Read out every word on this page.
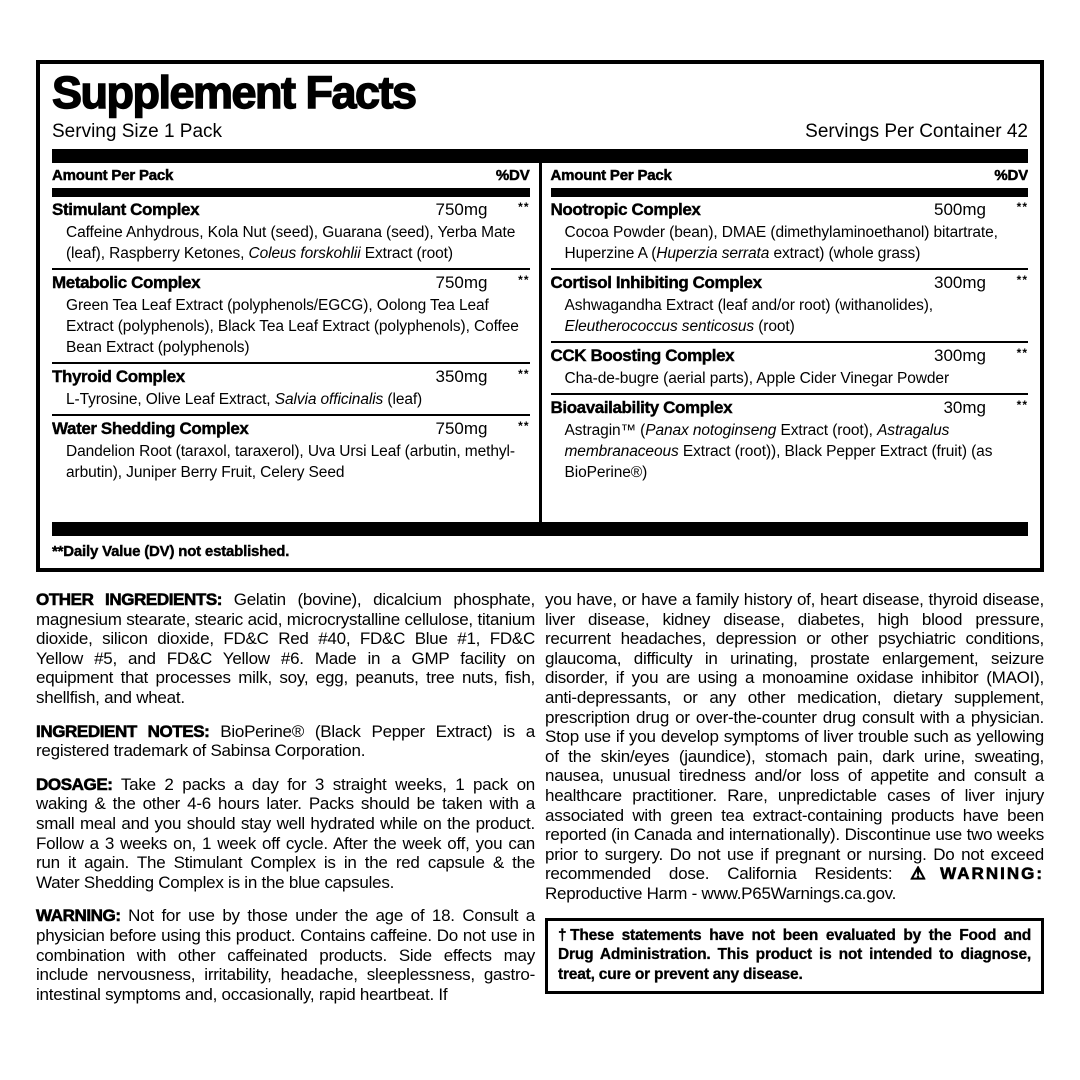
Supplement Facts
Serving Size 1 Pack	Servings Per Container 42
Amount Per Pack	%DV
Stimulant Complex	750mg	**
Caffeine Anhydrous, Kola Nut (seed), Guarana (seed), Yerba Mate (leaf), Raspberry Ketones, Coleus forskohlii Extract (root)
Metabolic Complex	750mg	**
Green Tea Leaf Extract (polyphenols/EGCG), Oolong Tea Leaf Extract (polyphenols), Black Tea Leaf Extract (polyphenols), Coffee Bean Extract (polyphenols)
Thyroid Complex	350mg	**
L-Tyrosine, Olive Leaf Extract, Salvia officinalis (leaf)
Water Shedding Complex	750mg	**
Dandelion Root (taraxol, taraxerol), Uva Ursi Leaf (arbutin, methyl-arbutin), Juniper Berry Fruit, Celery Seed
Amount Per Pack	%DV
Nootropic Complex	500mg	**
Cocoa Powder (bean), DMAE (dimethylaminoethanol) bitartrate, Huperzine A (Huperzia serrata extract) (whole grass)
Cortisol Inhibiting Complex	300mg	**
Ashwagandha Extract (leaf and/or root) (withanolides), Eleutherococcus senticosus (root)
CCK Boosting Complex	300mg	**
Cha-de-bugre (aerial parts), Apple Cider Vinegar Powder
Bioavailability Complex	30mg	**
Astragin™ (Panax notoginseng Extract (root), Astragalus membranaceous Extract (root)), Black Pepper Extract (fruit) (as BioPerine®)
**Daily Value (DV) not established.

OTHER INGREDIENTS: Gelatin (bovine), dicalcium phosphate, magnesium stearate, stearic acid, microcrystalline cellulose, titanium dioxide, silicon dioxide, FD&C Red #40, FD&C Blue #1, FD&C Yellow #5, and FD&C Yellow #6. Made in a GMP facility on equipment that processes milk, soy, egg, peanuts, tree nuts, fish, shellfish, and wheat.

INGREDIENT NOTES: BioPerine® (Black Pepper Extract) is a registered trademark of Sabinsa Corporation.

DOSAGE: Take 2 packs a day for 3 straight weeks, 1 pack on waking & the other 4-6 hours later. Packs should be taken with a small meal and you should stay well hydrated while on the product. Follow a 3 weeks on, 1 week off cycle. After the week off, you can run it again. The Stimulant Complex is in the red capsule & the Water Shedding Complex is in the blue capsules.

WARNING: Not for use by those under the age of 18. Consult a physician before using this product. Contains caffeine. Do not use in combination with other caffeinated products. Side effects may include nervousness, irritability, headache, sleeplessness, gastro-intestinal symptoms and, occasionally, rapid heartbeat. If

you have, or have a family history of, heart disease, thyroid disease, liver disease, kidney disease, diabetes, high blood pressure, recurrent headaches, depression or other psychiatric conditions, glaucoma, difficulty in urinating, prostate enlargement, seizure disorder, if you are using a monoamine oxidase inhibitor (MAOI), anti-depressants, or any other medication, dietary supplement, prescription drug or over-the-counter drug consult with a physician. Stop use if you develop symptoms of liver trouble such as yellowing of the skin/eyes (jaundice), stomach pain, dark urine, sweating, nausea, unusual tiredness and/or loss of appetite and consult a healthcare practitioner. Rare, unpredictable cases of liver injury associated with green tea extract-containing products have been reported (in Canada and internationally). Discontinue use two weeks prior to surgery. Do not use if pregnant or nursing. Do not exceed recommended dose. California Residents: ⚠WARNING: Reproductive Harm - www.P65Warnings.ca.gov.

†These statements have not been evaluated by the Food and Drug Administration. This product is not intended to diagnose, treat, cure or prevent any disease.
